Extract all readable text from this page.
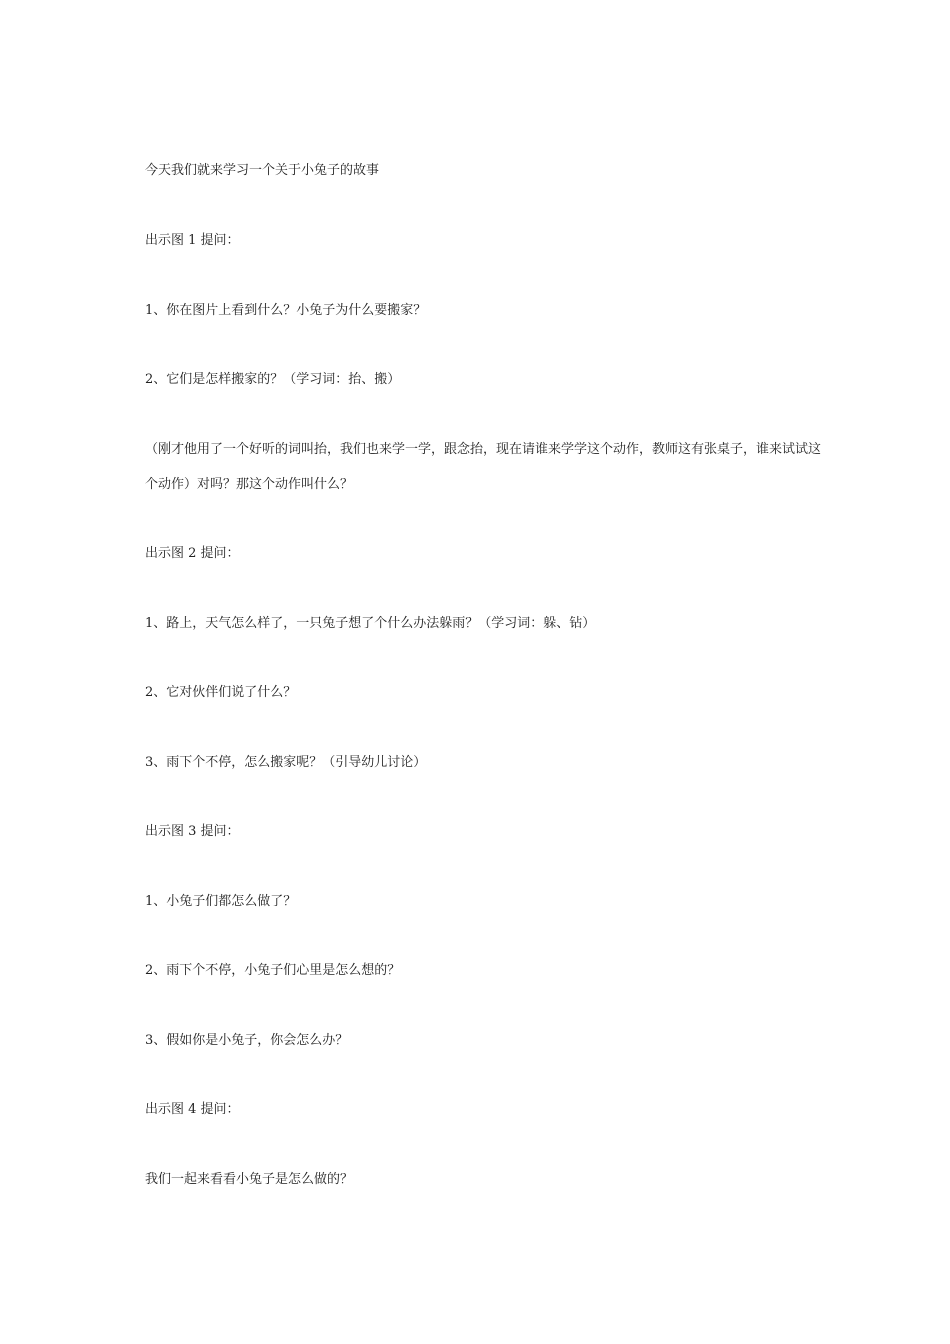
今天我们就来学习一个关于小兔子的故事
出示图 1 提问：
1、你在图片上看到什么？小兔子为什么要搬家？
2、它们是怎样搬家的？（学习词：抬、搬）
（刚才他用了一个好听的词叫抬，我们也来学一学，跟念抬，现在请谁来学学这个动作，教师这有张桌子，谁来试试这个动作）对吗？那这个动作叫什么？
出示图 2 提问：
1、路上，天气怎么样了，一只兔子想了个什么办法躲雨？（学习词：躲、钻）
2、它对伙伴们说了什么？
3、雨下个不停，怎么搬家呢？（引导幼儿讨论）
出示图 3 提问：
1、小兔子们都怎么做了？
2、雨下个不停，小兔子们心里是怎么想的？
3、假如你是小兔子，你会怎么办？
出示图 4 提问：
我们一起来看看小兔子是怎么做的？
